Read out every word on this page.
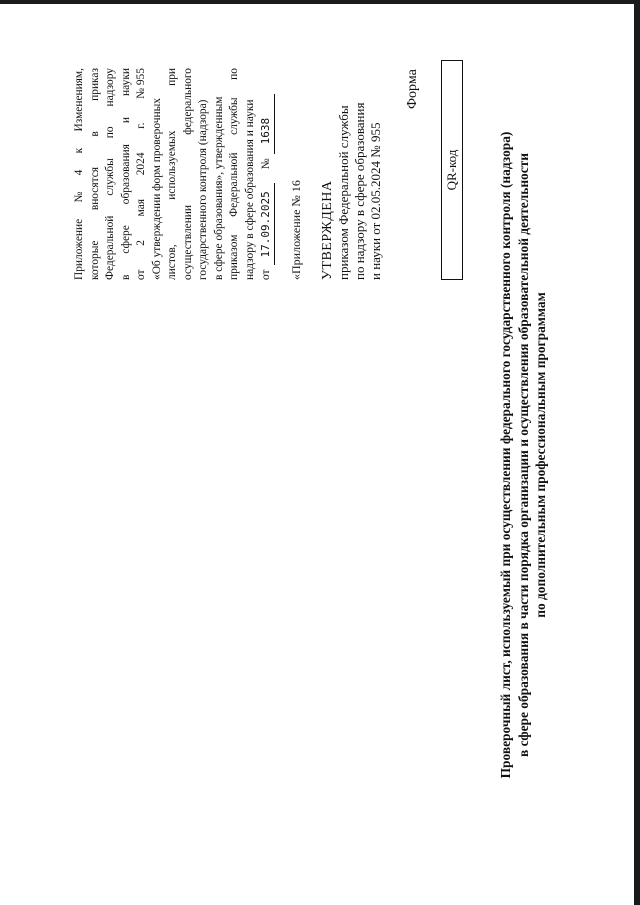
Приложение
№
4
к
Изменениям,
которые
вносятся
в
приказ
Федеральной
службы
по
надзору
в
сфере
образования
и
науки
от
2
мая
2024
г.
№ 955
«Об утверждении форм проверочных листов,
используемых
при
осуществлении
федерального государственного контроля (надзора) в сфере образования», утвержденным приказом
Федеральной
службы
по
надзору в сфере образования и науки от
17.09.2025
№
1638
«Приложение № 16 УТВЕРЖДЕНА приказом Федеральной службы по надзору в сфере образования и науки от 02.05.2024 № 955
Форма
QR-код	Проверочный лист, используемый при осуществлении федерального государственного контроля (надзора) в сфере образования в части порядка организации и осуществления образовательной деятельности по дополнительным профессиональным программам
